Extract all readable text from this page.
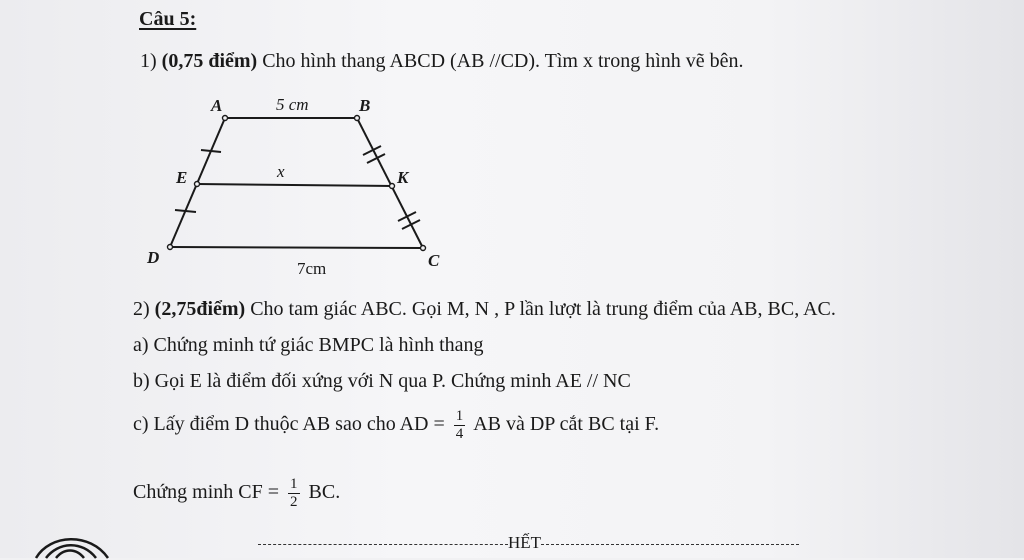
Câu 5:
1) (0,75 điểm) Cho hình thang ABCD (AB //CD). Tìm x trong hình vẽ bên.
A	B
C
D
E	K
5 cm
x
7cm
2) (2,75điểm) Cho tam giác ABC. Gọi M, N , P lần lượt là trung điểm của AB, BC, AC.
a) Chứng minh tứ giác BMPC là hình thang
b) Gọi E là điểm đối xứng với N qua P. Chứng minh AE // NC
c) Lấy điểm D thuộc AB sao cho AD = $\frac{1}{4}$ AB và DP cắt BC tại F.
Chứng minh CF = $\frac{1}{2}$ BC.
HẾT
